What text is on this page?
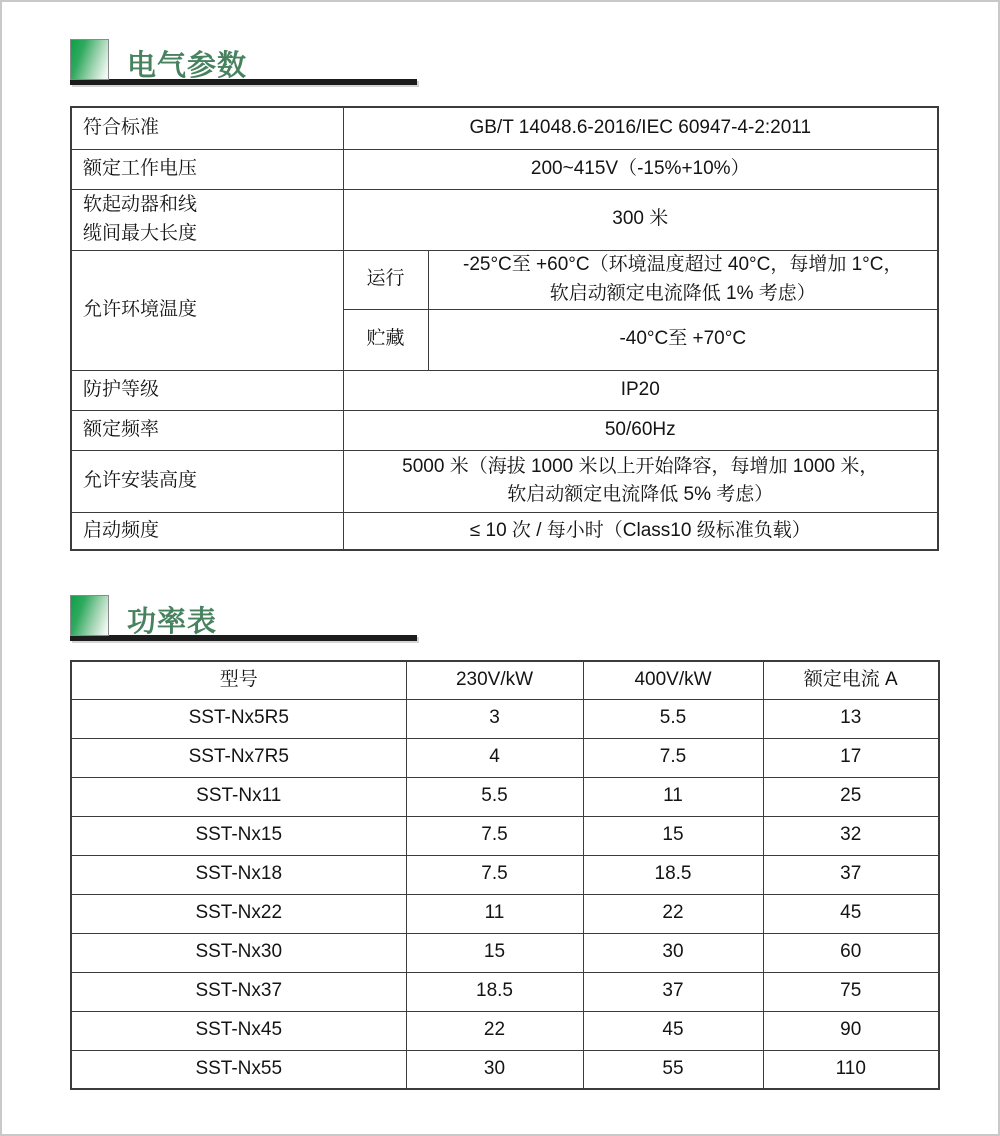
电气参数
符合标准	GB/T 14048.6-2016/IEC 60947-4-2:2011	
额定工作电压	200~415V（-15%+10%）	

软起动器和线
缆间最大长度	300 米	
允许环境温度	运行	-25°C至 +60°C（环境温度超过 40°C，每增加 1°C，
软启动额定电流降低 1% 考虑）

	贮藏	-40°C至 +70°C
防护等级	IP20	
额定频率	50/60Hz	
允许安装高度	5000 米（海拔 1000 米以上开始降容，每增加 1000 米，
软启动额定电流降低 5% 考虑）	

启动频度	≤ 10 次 / 每小时（Class10 级标准负载）	
功率表
型号	230V/kW	400V/kW	额定电流 A
SST-Nx5R5	3	5.5	13
SST-Nx7R5	4	7.5	17
SST-Nx11	5.5	11	25
SST-Nx15	7.5	15	32
SST-Nx18	7.5	18.5	37
SST-Nx22	11	22	45
SST-Nx30	15	30	60
SST-Nx37	18.5	37	75
SST-Nx45	22	45	90
SST-Nx55	30	55	110
